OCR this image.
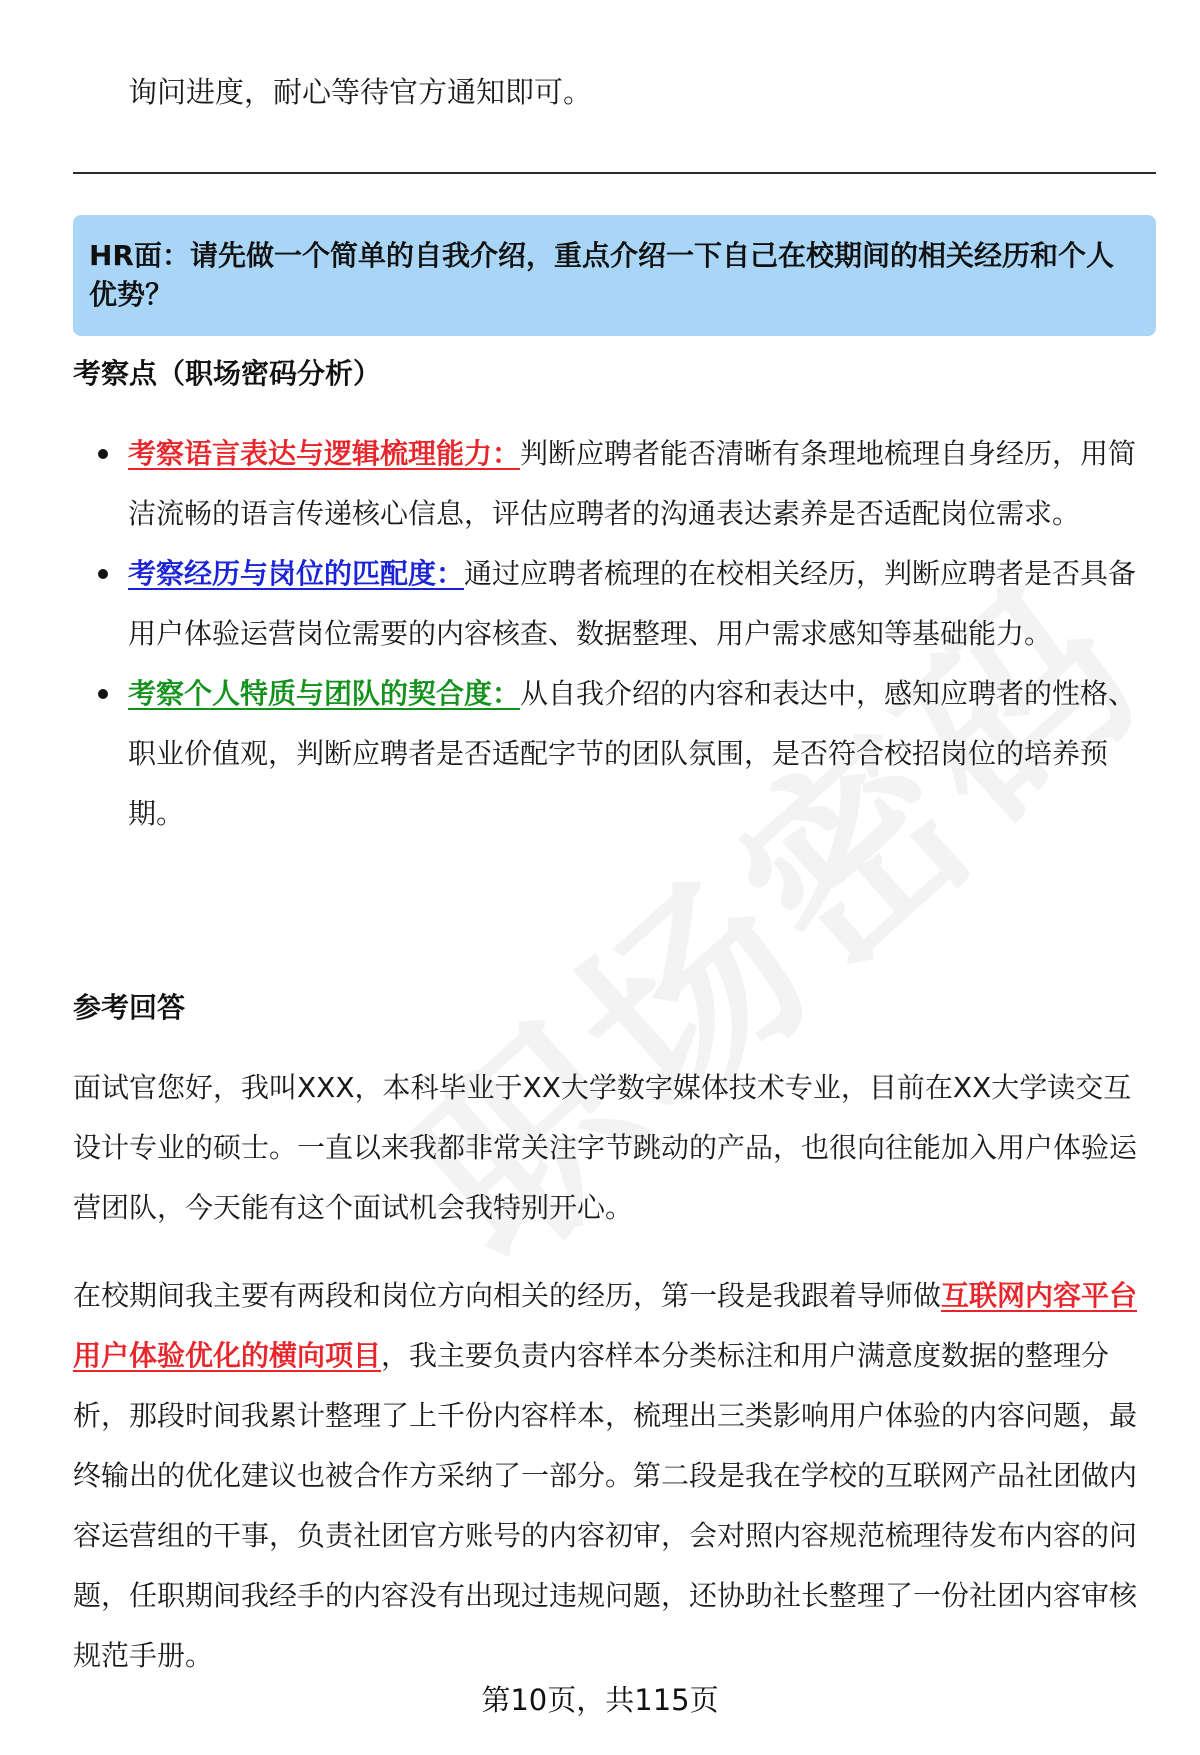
询问进度，耐心等待官方通知即可。
HR面：请先做一个简单的自我介绍，重点介绍一下自己在校期间的相关经历和个人优势？
考察点（职场密码分析）
考察语言表达与逻辑梳理能力：判断应聘者能否清晰有条理地梳理自身经历，用简洁流畅的语言传递核心信息，评估应聘者的沟通表达素养是否适配岗位需求。
考察经历与岗位的匹配度：通过应聘者梳理的在校相关经历，判断应聘者是否具备用户体验运营岗位需要的内容核查、数据整理、用户需求感知等基础能力。
考察个人特质与团队的契合度：从自我介绍的内容和表达中，感知应聘者的性格、职业价值观，判断应聘者是否适配字节的团队氛围，是否符合校招岗位的培养预期。
参考回答

面试官您好，我叫XXX，本科毕业于XX大学数字媒体技术专业，目前在XX大学读交互设计专业的硕士。一直以来我都非常关注字节跳动的产品，也很向往能加入用户体验运营团队，今天能有这个面试机会我特别开心。

在校期间我主要有两段和岗位方向相关的经历，第一段是我跟着导师做互联网内容平台用户体验优化的横向项目，我主要负责内容样本分类标注和用户满意度数据的整理分析，那段时间我累计整理了上千份内容样本，梳理出三类影响用户体验的内容问题，最终输出的优化建议也被合作方采纳了一部分。第二段是我在学校的互联网产品社团做内容运营组的干事，负责社团官方账号的内容初审，会对照内容规范梳理待发布内容的问题，任职期间我经手的内容没有出现过违规问题，还协助社长整理了一份社团内容审核规范手册。

第10页，共115页
